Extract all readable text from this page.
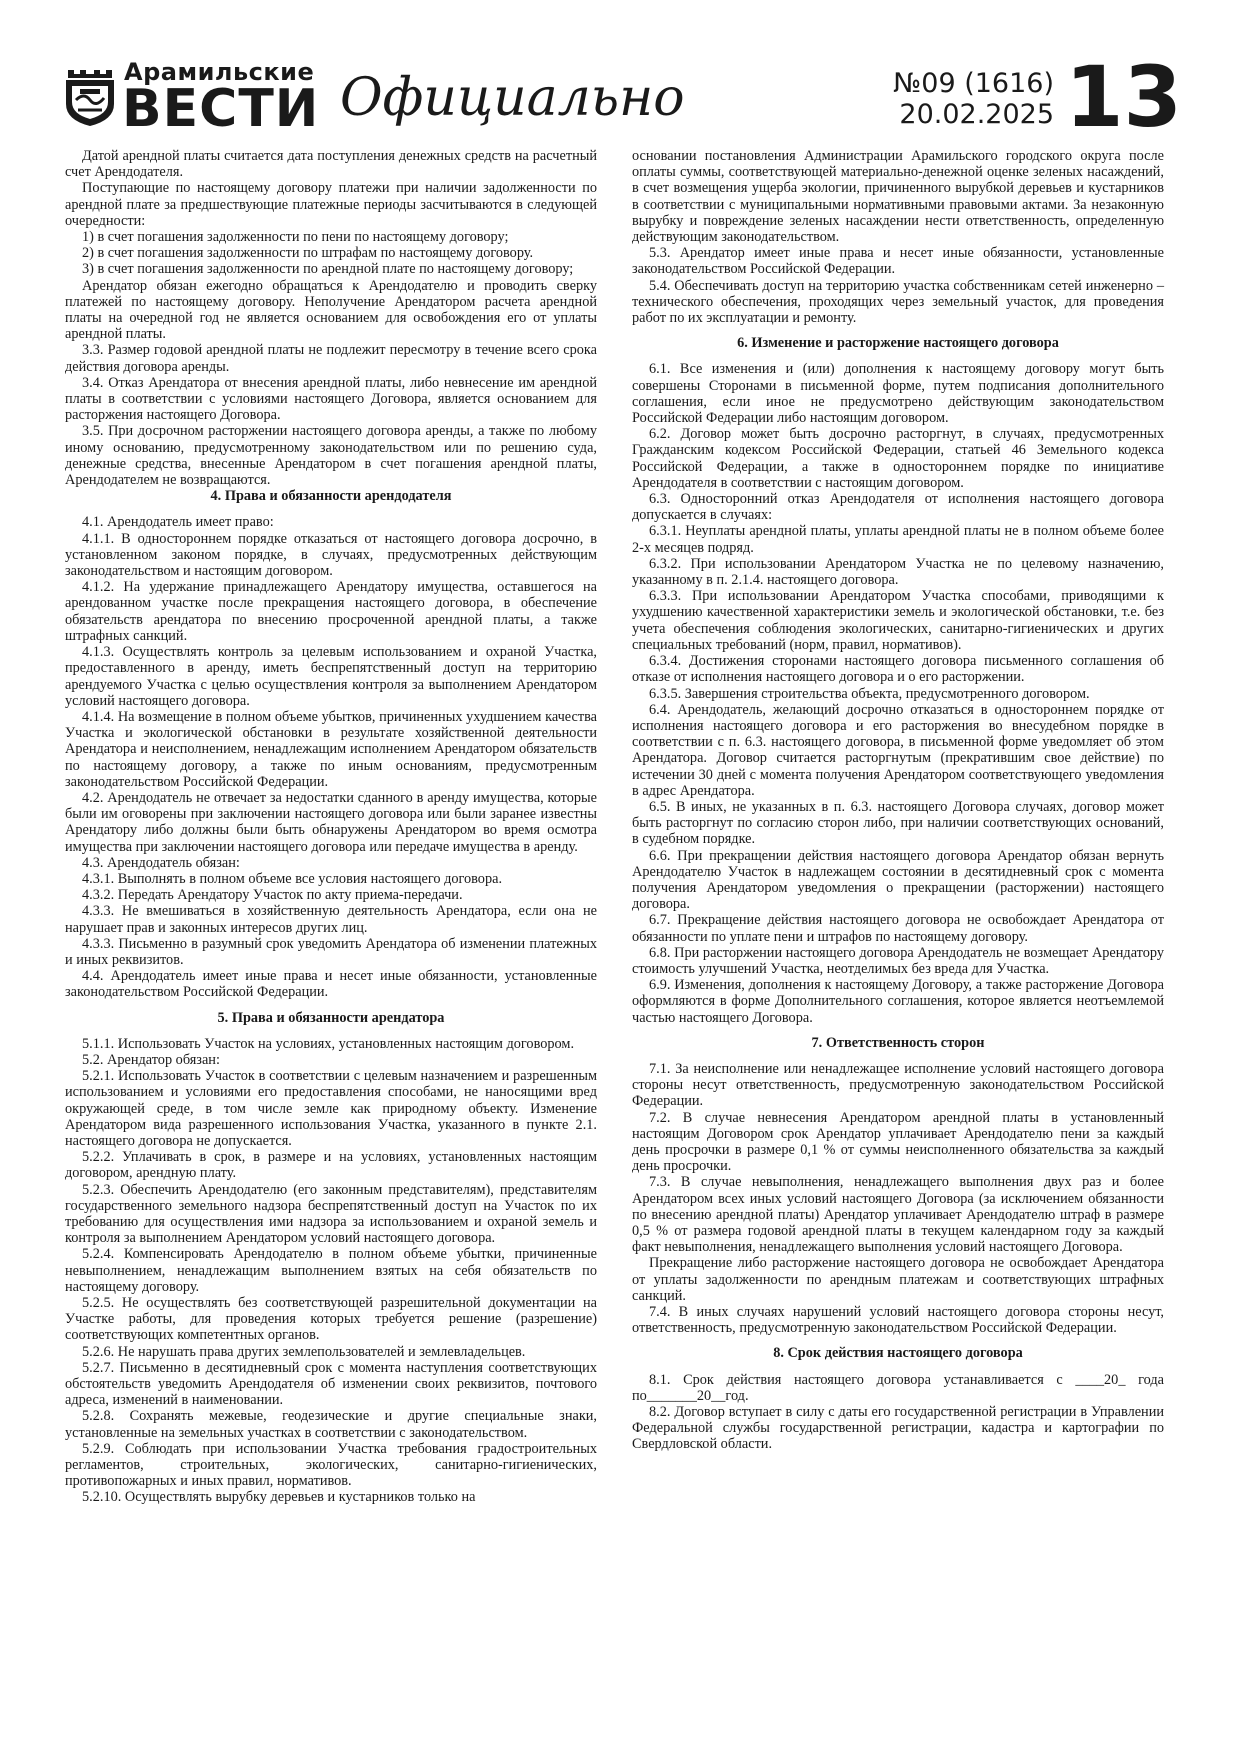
Арамильские
ВЕСТИ Официально	№09 (1616)
20.02.2025 13

Датой арендной платы считается дата поступления денежных средств на расчетный счет Арендодателя.

Поступающие по настоящему договору платежи при наличии задолженности по арендной плате за предшествующие платежные периоды засчитываются в следующей очередности:

1) в счет погашения задолженности по пени по настоящему договору;

2) в счет погашения задолженности по штрафам по настоящему договору.

3) в счет погашения задолженности по арендной плате по настоящему договору;

Арендатор обязан ежегодно обращаться к Арендодателю и проводить сверку платежей по настоящему договору. Неполучение Арендатором расчета арендной платы на очередной год не является основанием для освобождения его от уплаты арендной платы.

3.3. Размер годовой арендной платы не подлежит пересмотру в течение всего срока действия договора аренды.

3.4. Отказ Арендатора от внесения арендной платы, либо невнесение им арендной платы в соответствии с условиями настоящего Договора, является основанием для расторжения настоящего Договора.

3.5. При досрочном расторжении настоящего договора аренды, а также по любому иному основанию, предусмотренному законодательством или по решению суда, денежные средства, внесенные Арендатором в счет погашения арендной платы, Арендодателем не возвращаются.

4. Права и обязанности арендодателя

4.1. Арендодатель имеет право:

4.1.1. В одностороннем порядке отказаться от настоящего договора досрочно, в установленном законом порядке, в случаях, предусмотренных действующим законодательством и настоящим договором.

4.1.2. На удержание принадлежащего Арендатору имущества, оставшегося на арендованном участке после прекращения настоящего договора, в обеспечение обязательств арендатора по внесению просроченной арендной платы, а также штрафных санкций.

4.1.3. Осуществлять контроль за целевым использованием и охраной Участка, предоставленного в аренду, иметь беспрепятственный доступ на территорию арендуемого Участка с целью осуществления контроля за выполнением Арендатором условий настоящего договора.

4.1.4. На возмещение в полном объеме убытков, причиненных ухудшением качества Участка и экологической обстановки в результате хозяйственной деятельности Арендатора и неисполнением, ненадлежащим исполнением Арендатором обязательств по настоящему договору, а также по иным основаниям, предусмотренным законодательством Российской Федерации.

4.2. Арендодатель не отвечает за недостатки сданного в аренду имущества, которые были им оговорены при заключении настоящего договора или были заранее известны Арендатору либо должны были быть обнаружены Арендатором во время осмотра имущества при заключении настоящего договора или передаче имущества в аренду.

4.3. Арендодатель обязан:

4.3.1. Выполнять в полном объеме все условия настоящего договора.

4.3.2. Передать Арендатору Участок по акту приема-передачи.

4.3.3. Не вмешиваться в хозяйственную деятельность Арендатора, если она не нарушает прав и законных интересов других лиц.

4.3.3. Письменно в разумный срок уведомить Арендатора об изменении платежных и иных реквизитов.

4.4. Арендодатель имеет иные права и несет иные обязанности, установленные законодательством Российской Федерации.

5. Права и обязанности арендатора

5.1.1. Использовать Участок на условиях, установленных настоящим договором.

5.2. Арендатор обязан:

5.2.1. Использовать Участок в соответствии с целевым назначением и разрешенным использованием и условиями его предоставления способами, не наносящими вред окружающей среде, в том числе земле как природному объекту. Изменение Арендатором вида разрешенного использования Участка, указанного в пункте 2.1. настоящего договора не допускается.

5.2.2. Уплачивать в срок, в размере и на условиях, установленных настоящим договором, арендную плату.

5.2.3. Обеспечить Арендодателю (его законным представителям), представителям государственного земельного надзора беспрепятственный доступ на Участок по их требованию для осуществления ими надзора за использованием и охраной земель и контроля за выполнением Арендатором условий настоящего договора.

5.2.4. Компенсировать Арендодателю в полном объеме убытки, причиненные невыполнением, ненадлежащим выполнением взятых на себя обязательств по настоящему договору.

5.2.5. Не осуществлять без соответствующей разрешительной документации на Участке работы, для проведения которых требуется решение (разрешение) соответствующих компетентных органов.

5.2.6. Не нарушать права других землепользователей и землевладельцев.

5.2.7. Письменно в десятидневный срок с момента наступления соответствующих обстоятельств уведомить Арендодателя об изменении своих реквизитов, почтового адреса, изменений в наименовании.

5.2.8. Сохранять межевые, геодезические и другие специальные знаки, установленные на земельных участках в соответствии с законодательством.

5.2.9. Соблюдать при использовании Участка требования градостроительных регламентов, строительных, экологических, санитарно-гигиенических, противопожарных и иных правил, нормативов.

5.2.10. Осуществлять вырубку деревьев и кустарников только на

основании постановления Администрации Арамильского городского округа после оплаты суммы, соответствующей материально-денежной оценке зеленых насаждений, в счет возмещения ущерба экологии, причиненного вырубкой деревьев и кустарников в соответствии с муниципальными нормативными правовыми актами. За незаконную вырубку и повреждение зеленых насаждении нести ответственность, определенную действующим законодательством.

5.3. Арендатор имеет иные права и несет иные обязанности, установленные законодательством Российской Федерации.

5.4. Обеспечивать доступ на территорию участка собственникам сетей инженерно – технического обеспечения, проходящих через земельный участок, для проведения работ по их эксплуатации и ремонту.

6. Изменение и расторжение настоящего договора

6.1. Все изменения и (или) дополнения к настоящему договору могут быть совершены Сторонами в письменной форме, путем подписания дополнительного соглашения, если иное не предусмотрено действующим законодательством Российской Федерации либо настоящим договором.

6.2. Договор может быть досрочно расторгнут, в случаях, предусмотренных Гражданским кодексом Российской Федерации, статьей 46 Земельного кодекса Российской Федерации, а также в одностороннем порядке по инициативе Арендодателя в соответствии с настоящим договором.

6.3. Односторонний отказ Арендодателя от исполнения настоящего договора допускается в случаях:

6.3.1. Неуплаты арендной платы, уплаты арендной платы не в полном объеме более 2-х месяцев подряд.

6.3.2. При использовании Арендатором Участка не по целевому назначению, указанному в п. 2.1.4. настоящего договора.

6.3.3. При использовании Арендатором Участка способами, приводящими к ухудшению качественной характеристики земель и экологической обстановки, т.е. без учета обеспечения соблюдения экологических, санитарно-гигиенических и других специальных требований (норм, правил, нормативов).

6.3.4. Достижения сторонами настоящего договора письменного соглашения об отказе от исполнения настоящего договора и о его расторжении.

6.3.5. Завершения строительства объекта, предусмотренного договором.

6.4. Арендодатель, желающий досрочно отказаться в одностороннем порядке от исполнения настоящего договора и его расторжения во внесудебном порядке в соответствии с п. 6.3. настоящего договора, в письменной форме уведомляет об этом Арендатора. Договор считается расторгнутым (прекратившим свое действие) по истечении 30 дней с момента получения Арендатором соответствующего уведомления в адрес Арендатора.

6.5. В иных, не указанных в п. 6.3. настоящего Договора случаях, договор может быть расторгнут по согласию сторон либо, при наличии соответствующих оснований, в судебном порядке.

6.6. При прекращении действия настоящего договора Арендатор обязан вернуть Арендодателю Участок в надлежащем состоянии в десятидневный срок с момента получения Арендатором уведомления о прекращении (расторжении) настоящего договора.

6.7. Прекращение действия настоящего договора не освобождает Арендатора от обязанности по уплате пени и штрафов по настоящему договору.

6.8. При расторжении настоящего договора Арендодатель не возмещает Арендатору стоимость улучшений Участка, неотделимых без вреда для Участка.

6.9. Изменения, дополнения к настоящему Договору, а также расторжение Договора оформляются в форме Дополнительного соглашения, которое является неотъемлемой частью настоящего Договора.

7. Ответственность сторон

7.1. За неисполнение или ненадлежащее исполнение условий настоящего договора стороны несут ответственность, предусмотренную законодательством Российской Федерации.

7.2. В случае невнесения Арендатором арендной платы в установленный настоящим Договором срок Арендатор уплачивает Арендодателю пени за каждый день просрочки в размере 0,1 % от суммы неисполненного обязательства за каждый день просрочки.

7.3. В случае невыполнения, ненадлежащего выполнения двух раз и более Арендатором всех иных условий настоящего Договора (за исключением обязанности по внесению арендной платы) Арендатор уплачивает Арендодателю штраф в размере 0,5 % от размера годовой арендной платы в текущем календарном году за каждый факт невыполнения, ненадлежащего выполнения условий настоящего Договора.

Прекращение либо расторжение настоящего договора не освобождает Арендатора от уплаты задолженности по арендным платежам и соответствующих штрафных санкций.

7.4. В иных случаях нарушений условий настоящего договора стороны несут, ответственность, предусмотренную законодательством Российской Федерации.

8. Срок действия настоящего договора

8.1. Срок действия настоящего договора устанавливается с ____20_ года по_______20__год.

8.2. Договор вступает в силу с даты его государственной регистрации в Управлении Федеральной службы государственной регистрации, кадастра и картографии по Свердловской области.
